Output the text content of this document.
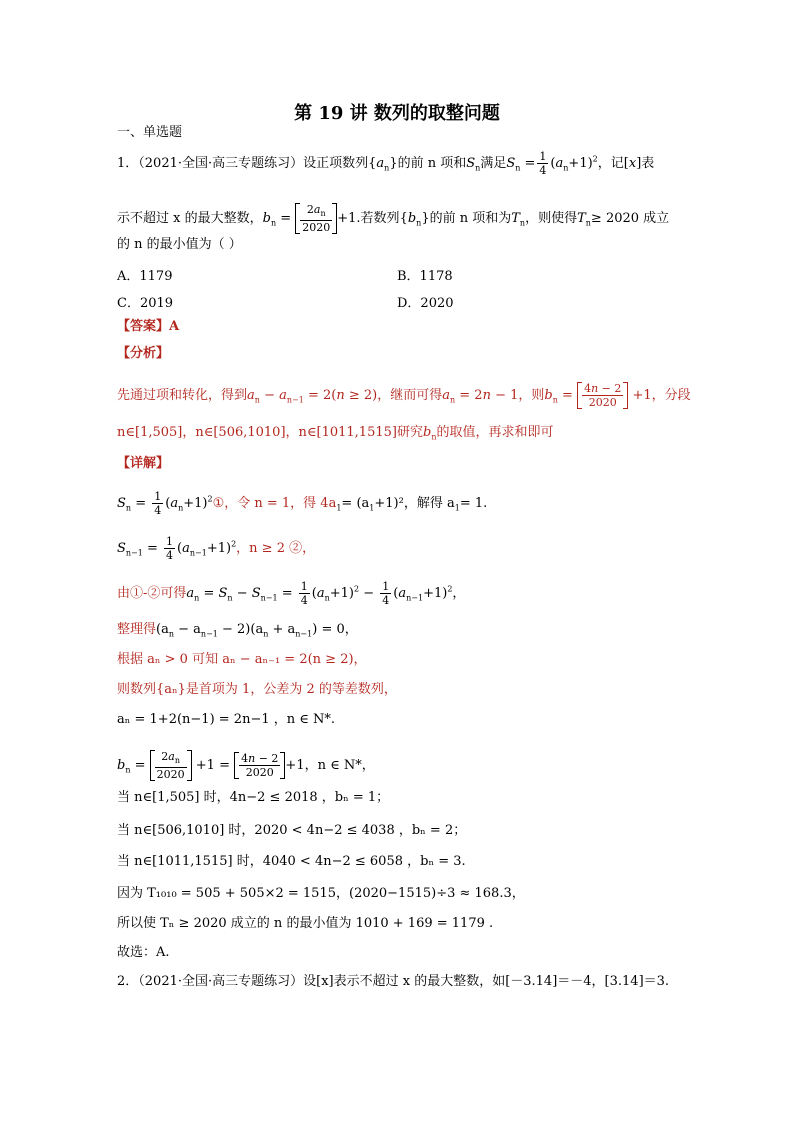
第 19 讲 数列的取整问题
一、单选题
1．（2021·全国·高三专题练习）设正项数列$\{a_n\}$的前 n 项和$S_n$满足$S_n = \frac{1}{4} (a_n+1)^2$，记[x]表
示不超过 x 的最大整数，$b_n = \frac{2a_n}{2020} +1$.若数列$\{b_n\}$的前 n 项和为$T_n$，则使得$T_n\ge 2020$ 成立
的 n 的最小值为（ ）
A．1179	B．1178
C．2019	D．2020
【答案】A
【分析】
先通过项和转化，得到$a_n - a_{n-1} = 2(n \ge 2)$，继而可得$a_n = 2n - 1$，则$b_n = \frac{4n - 2}{2020} +1$，分段
n∈[1,505]，n∈[506,1010]，n∈[1011,1515]研究$b_n$的取值，再求和即可
【详解】
$S_n = \frac{1}{4}$ $(a_n+1)^2①$，令 n = 1，得 $4a_1= (a_1+1)^2$，解得 $a_1= 1$.
$S_{n-1} = \frac{1}{4} (a_{n-1}+1)^2$，n ≥ 2 ②，
由①-②可得$a_n = S_n - S_{n-1} = \frac{1}{4} (a_n+1)^2 - \frac{1}{4} (a_{n-1}+1)^2$，
整理得$(a_n - a_{n-1} - 2)(a_n + a_{n-1}) = 0$，
根据 aₙ > 0 可知 aₙ − aₙ₋₁ = 2(n ≥ 2)，
则数列{aₙ}是首项为 1，公差为 2 的等差数列，
aₙ = 1+2(n−1) = 2n−1 ，n ∈ N*.
$b_n = \frac{2a_n}{2020} +1 = \frac{4n - 2}{2020} +1$，n ∈ N*，
当 n∈[1,505] 时，4n−2 ≤ 2018 ，bₙ = 1；
当 n∈[506,1010] 时，2020 < 4n−2 ≤ 4038 ，bₙ = 2；
当 n∈[1011,1515] 时，4040 < 4n−2 ≤ 6058 ，bₙ = 3.
因为 T₁₀₁₀ = 505 + 505×2 = 1515，(2020−1515)÷3 ≈ 168.3，
所以使 Tₙ ≥ 2020 成立的 n 的最小值为 1010 + 169 = 1179 .
故选：A.
2．（2021·全国·高三专题练习）设[x]表示不超过 x 的最大整数，如[－3.14]＝－4，[3.14]＝3.
